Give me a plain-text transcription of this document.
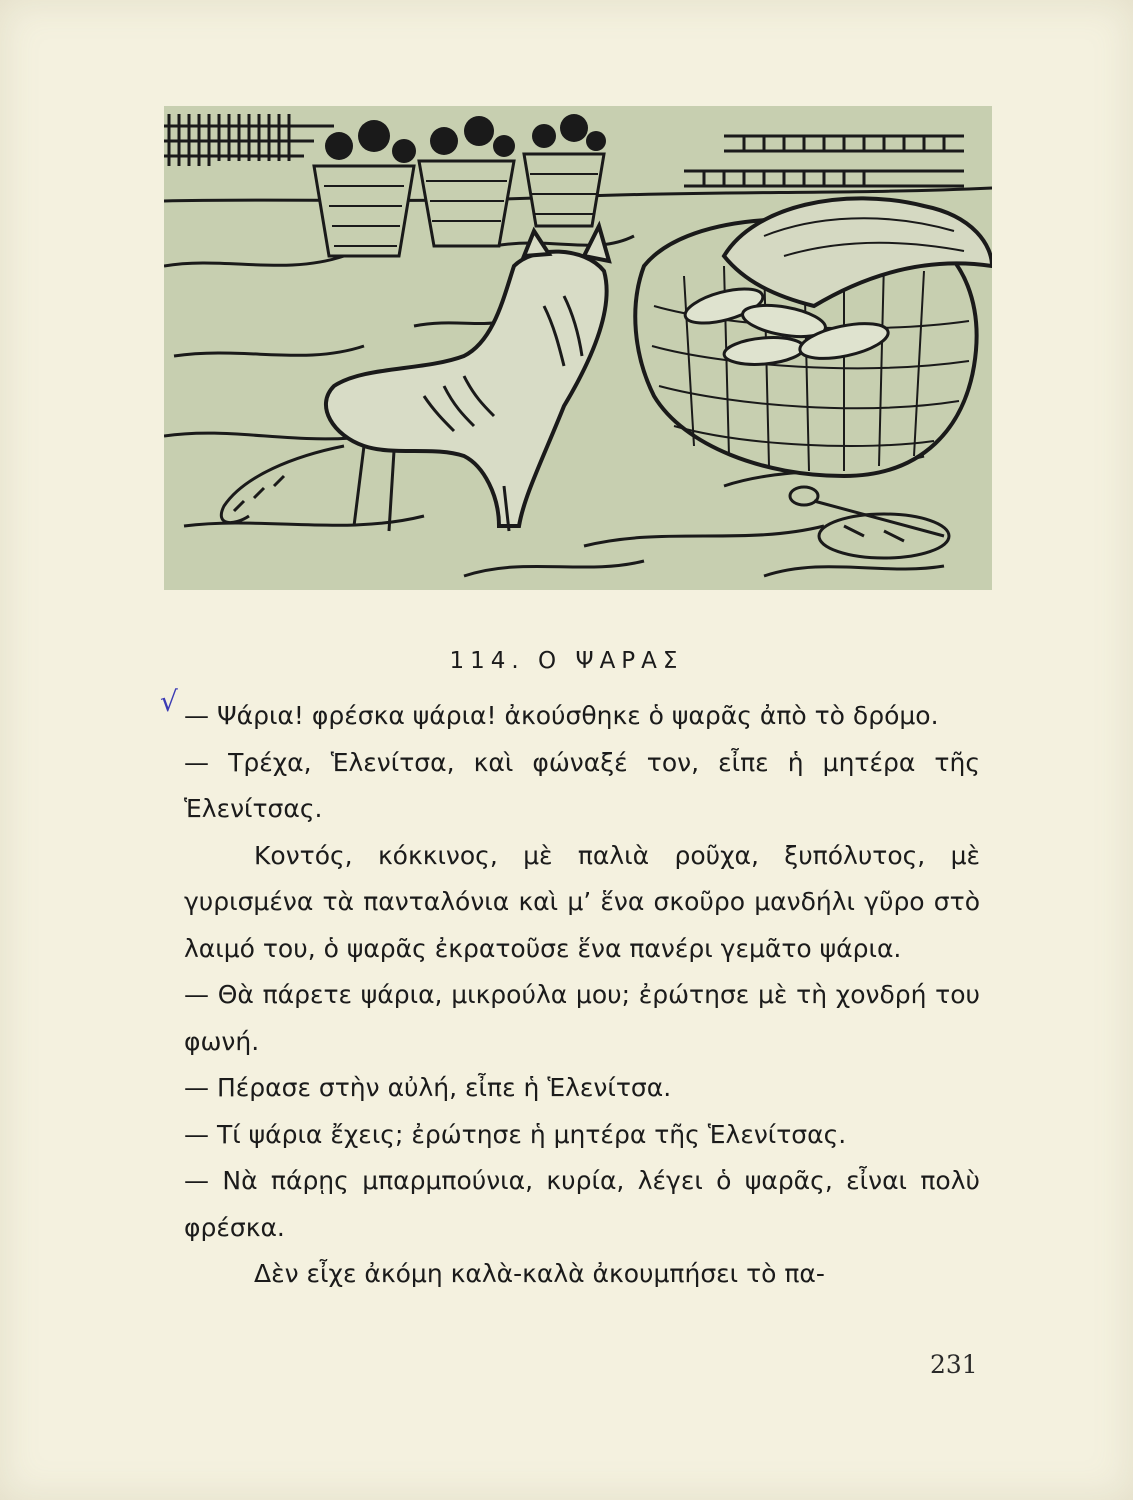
114. Ο ΨΑΡΑΣ
√ — Ψάρια! φρέσκα ψάρια! ἀκούσθηκε ὁ ψαρᾶς ἀπὸ τὸ δρόμο.

— Τρέχα, Ἑλενίτσα, καὶ φώναξέ τον, εἶπε ἡ μητέρα τῆς Ἑλενίτσας.

Κοντός, κόκκινος, μὲ παλιὰ ροῦχα, ξυπόλυτος, μὲ γυρισμένα τὰ πανταλόνια καὶ μ’ ἕνα σκοῦρο μανδήλι γῦρο στὸ λαιμό του, ὁ ψαρᾶς ἐκρατοῦσε ἕνα πανέρι γεμᾶτο ψάρια.

— Θὰ πάρετε ψάρια, μικρούλα μου; ἐρώτησε μὲ τὴ χονδρή του φωνή.

— Πέρασε στὴν αὐλή, εἶπε ἡ Ἑλενίτσα.

— Τί ψάρια ἔχεις; ἐρώτησε ἡ μητέρα τῆς Ἑλενίτσας.

— Νὰ πάρῃς μπαρμπούνια, κυρία, λέγει ὁ ψαρᾶς, εἶναι πολὺ φρέσκα.

Δὲν εἶχε ἀκόμη καλὰ-καλὰ ἀκουμπήσει τὸ πα-

231
